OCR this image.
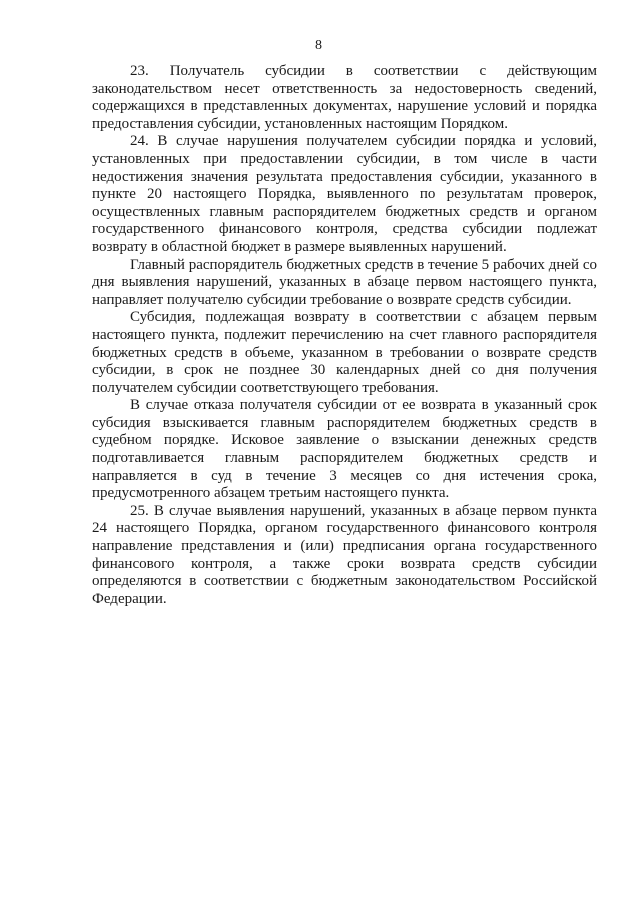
8

23. Получатель субсидии в соответствии с действующим законодательством несет ответственность за недостоверность сведений, содержащихся в представленных документах, нарушение условий и порядка предоставления субсидии, установленных настоящим Порядком.

24. В случае нарушения получателем субсидии порядка и условий, установленных при предоставлении субсидии, в том числе в части недостижения значения результата предоставления субсидии, указанного в пункте 20 настоящего Порядка, выявленного по результатам проверок, осуществленных главным распорядителем бюджетных средств и органом государственного финансового контроля, средства субсидии подлежат возврату в областной бюджет в размере выявленных нарушений.

Главный распорядитель бюджетных средств в течение 5 рабочих дней со дня выявления нарушений, указанных в абзаце первом настоящего пункта, направляет получателю субсидии требование о возврате средств субсидии.

Субсидия, подлежащая возврату в соответствии с абзацем первым настоящего пункта, подлежит перечислению на счет главного распорядителя бюджетных средств в объеме, указанном в требовании о возврате средств субсидии, в срок не позднее 30 календарных дней со дня получения получателем субсидии соответствующего требования.

В случае отказа получателя субсидии от ее возврата в указанный срок субсидия взыскивается главным распорядителем бюджетных средств в судебном порядке. Исковое заявление о взыскании денежных средств подготавливается главным распорядителем бюджетных средств и направляется в суд в течение 3 месяцев со дня истечения срока, предусмотренного абзацем третьим настоящего пункта.

25. В случае выявления нарушений, указанных в абзаце первом пункта 24 настоящего Порядка, органом государственного финансового контроля направление представления и (или) предписания органа государственного финансового контроля, а также сроки возврата средств субсидии определяются в соответствии с бюджетным законодательством Российской Федерации.
